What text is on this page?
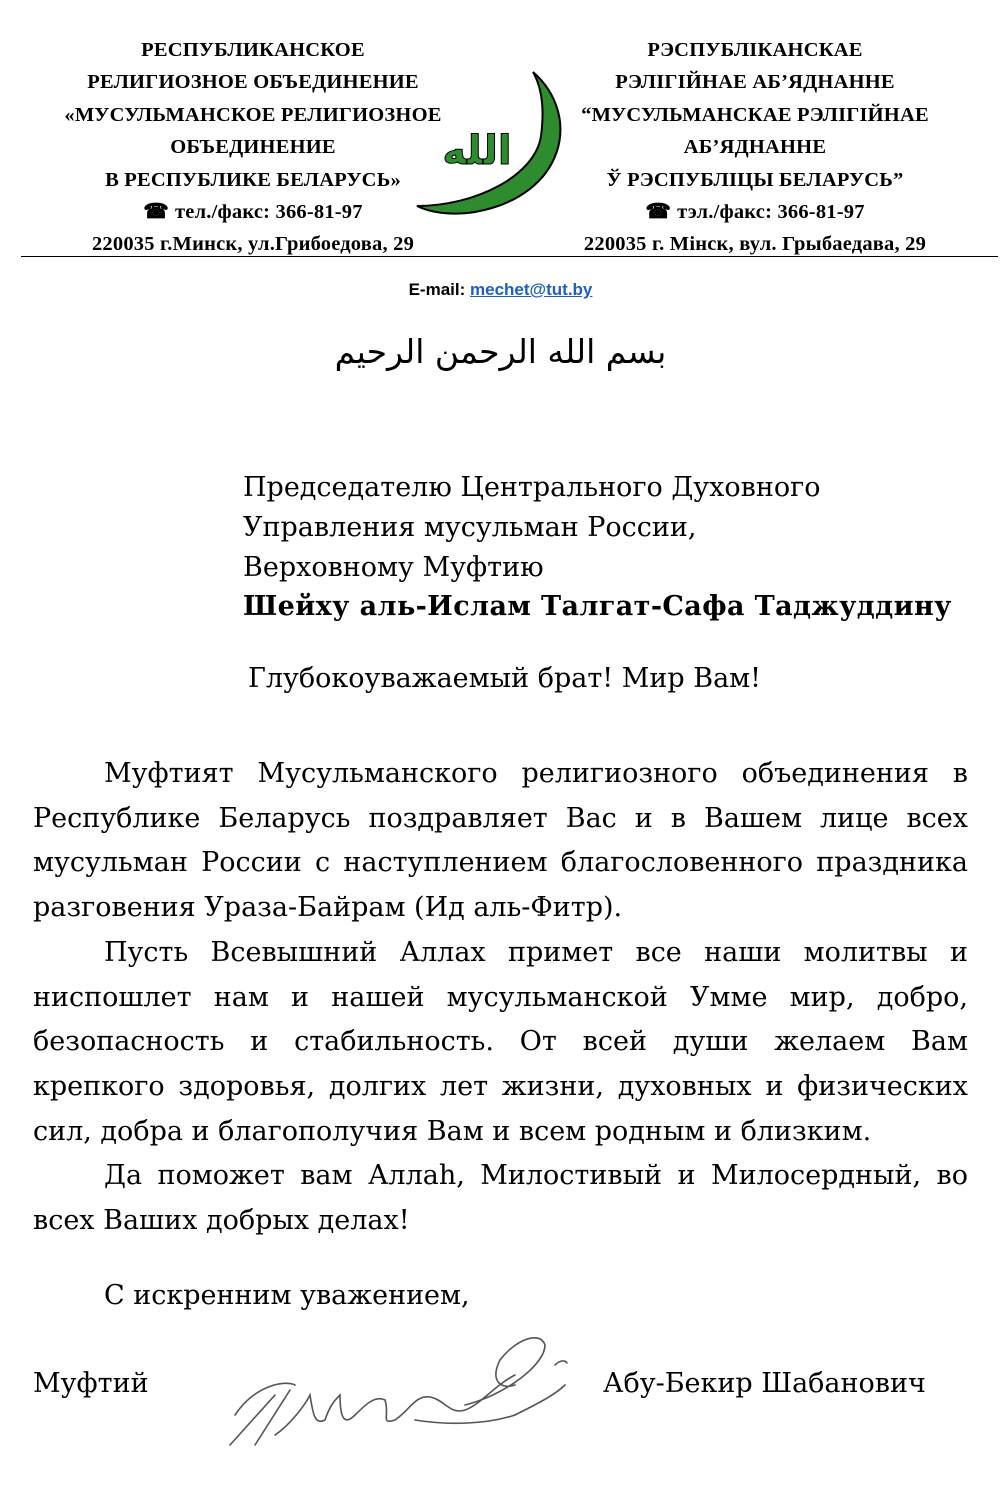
РЕСПУБЛИКАНСКОЕ
РЕЛИГИОЗНОЕ ОБЪЕДИНЕНИЕ
«МУСУЛЬМАНСКОЕ РЕЛИГИОЗНОЕ
ОБЪЕДИНЕНИЕ
В РЕСПУБЛИКЕ БЕЛАРУСЬ»
☎ тел./факс: 366-81-97
220035 г.Минск, ул.Грибоедова, 29
РЭСПУБЛІКАНСКАЕ
РЭЛІГІЙНАЕ АБ’ЯДНАННЕ
“МУСУЛЬМАНСКАЕ РЭЛІГІЙНАЕ
АБ’ЯДНАННЕ
Ў РЭСПУБЛІЦЫ БЕЛАРУСЬ”
☎ тэл./факс: 366-81-97
220035 г. Мінск, вул. Грыбаедава, 29
الله
E-mail: mechet@tut.by
بسم الله الرحمن الرحيم
Председателю Центрального Духовного
Управления мусульман России,
Верховному Муфтию
Шейху аль-Ислам Талгат-Сафа Таджуддину
Глубокоуважаемый брат! Мир Вам!

Муфтият Мусульманского религиозного объединения в Республике Беларусь поздравляет Вас и в Вашем лице всех мусульман России с наступлением благословенного праздника разговения Ураза-Байрам (Ид аль-Фитр).

Пусть Всевышний Аллах примет все наши молитвы и ниспошлет нам и нашей мусульманской Умме мир, добро, безопасность и стабильность. От всей души желаем Вам крепкого здоровья, долгих лет жизни, духовных и физических сил, добра и благополучия Вам и всем родным и близким.

Да поможет вам Аллаh, Милостивый и Милосердный, во всех Ваших добрых делах!

С искренним уважением,
Муфтий	Абу-Бекир Шабанович
